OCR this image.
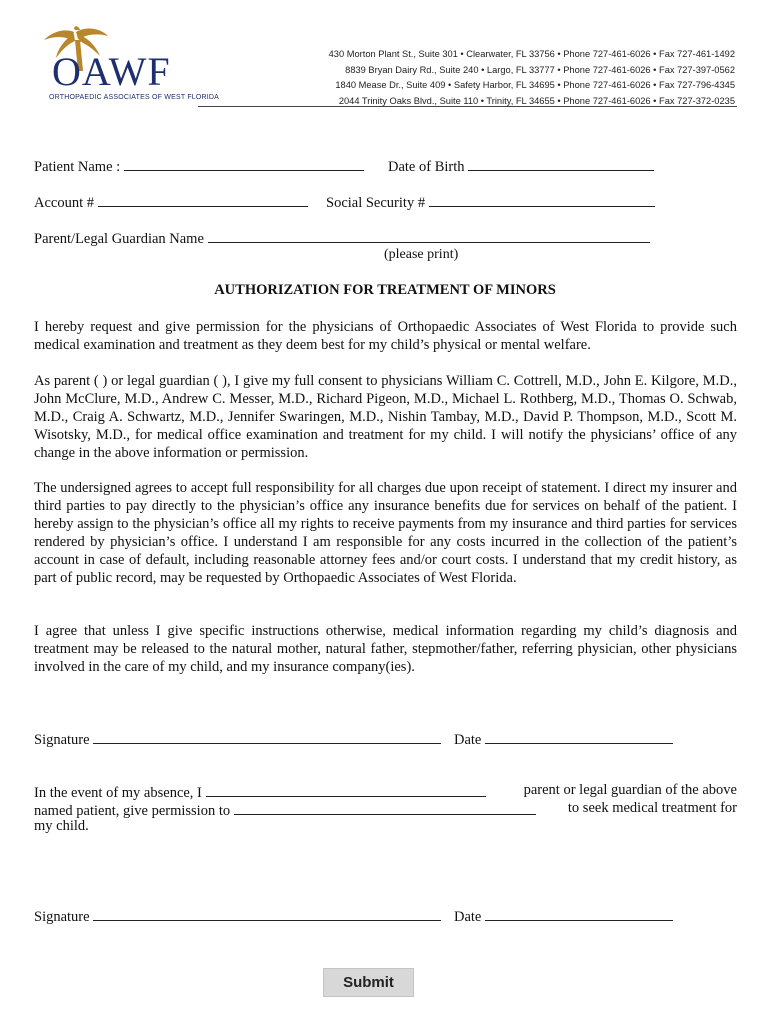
OAWF
ORTHOPAEDIC ASSOCIATES OF WEST FLORIDA
430 Morton Plant St., Suite 301 • Clearwater, FL 33756 • Phone 727-461-6026 • Fax 727-461-1492
8839 Bryan Dairy Rd., Suite 240 • Largo, FL 33777 • Phone 727-461-6026 • Fax 727-397-0562
1840 Mease Dr., Suite 409 • Safety Harbor, FL 34695 • Phone 727-461-6026 • Fax 727-796-4345
2044 Trinity Oaks Blvd., Suite 110 • Trinity, FL 34655 • Phone 727-461-6026 • Fax 727-372-0235
Patient Name :	Date of Birth
Account #	Social Security #
Parent/Legal Guardian Name
(please print)
AUTHORIZATION FOR TREATMENT OF MINORS
I hereby request and give permission for the physicians of Orthopaedic Associates of West Florida to provide such medical examination and treatment as they deem best for my child’s physical or mental welfare.
As parent ( ) or legal guardian ( ), I give my full consent to physicians William C. Cottrell, M.D., John E. Kilgore, M.D., John McClure, M.D., Andrew C. Messer, M.D., Richard Pigeon, M.D., Michael L. Rothberg, M.D., Thomas O. Schwab, M.D., Craig A. Schwartz, M.D., Jennifer Swaringen, M.D., Nishin Tambay, M.D., David P. Thompson, M.D., Scott M. Wisotsky, M.D., for medical office examination and treatment for my child. I will notify the physicians’ office of any change in the above information or permission.
The undersigned agrees to accept full responsibility for all charges due upon receipt of statement. I direct my insurer and third parties to pay directly to the physician’s office any insurance benefits due for services on behalf of the patient. I hereby assign to the physician’s office all my rights to receive payments from my insurance and third parties for services rendered by physician’s office. I understand I am responsible for any costs incurred in the collection of the patient’s account in case of default, including reasonable attorney fees and/or court costs. I understand that my credit history, as part of public record, may be requested by Orthopaedic Associates of West Florida.
I agree that unless I give specific instructions otherwise, medical information regarding my child’s diagnosis and treatment may be released to the natural mother, natural father, stepmother/father, referring physician, other physicians involved in the care of my child, and my insurance company(ies).
Signature	Date
In the event of my absence, I	parent or legal guardian of the above
named patient, give permission to	to seek medical treatment for
my child.
Signature	Date
Submit
